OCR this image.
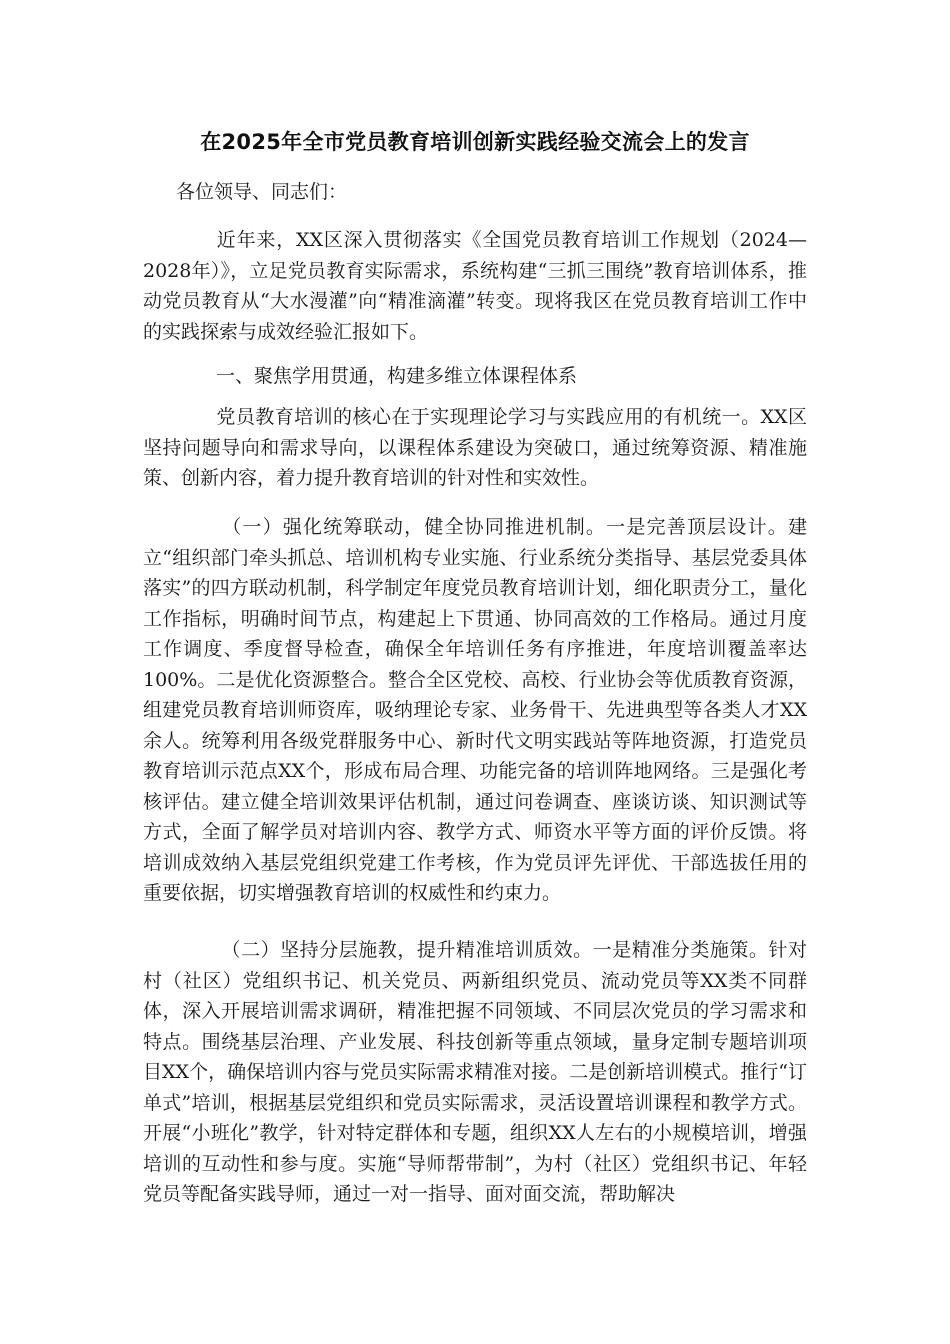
在2025年全市党员教育培训创新实践经验交流会上的发言
各位领导、同志们：

近年来，XX区深入贯彻落实《全国党员教育培训工作规划（2024—2028年）》，立足党员教育实际需求，系统构建“三抓三围绕”教育培训体系，推动党员教育从“大水漫灌”向“精准滴灌”转变。现将我区在党员教育培训工作中的实践探索与成效经验汇报如下。

一、聚焦学用贯通，构建多维立体课程体系

党员教育培训的核心在于实现理论学习与实践应用的有机统一。XX区坚持问题导向和需求导向，以课程体系建设为突破口，通过统筹资源、精准施策、创新内容，着力提升教育培训的针对性和实效性。

（一）强化统筹联动，健全协同推进机制。一是完善顶层设计。建立“组织部门牵头抓总、培训机构专业实施、行业系统分类指导、基层党委具体落实”的四方联动机制，科学制定年度党员教育培训计划，细化职责分工，量化工作指标，明确时间节点，构建起上下贯通、协同高效的工作格局。通过月度工作调度、季度督导检查，确保全年培训任务有序推进，年度培训覆盖率达100%。二是优化资源整合。整合全区党校、高校、行业协会等优质教育资源，组建党员教育培训师资库，吸纳理论专家、业务骨干、先进典型等各类人才XX余人。统筹利用各级党群服务中心、新时代文明实践站等阵地资源，打造党员教育培训示范点XX个，形成布局合理、功能完备的培训阵地网络。三是强化考核评估。建立健全培训效果评估机制，通过问卷调查、座谈访谈、知识测试等方式，全面了解学员对培训内容、教学方式、师资水平等方面的评价反馈。将培训成效纳入基层党组织党建工作考核，作为党员评先评优、干部选拔任用的重要依据，切实增强教育培训的权威性和约束力。

（二）坚持分层施教，提升精准培训质效。一是精准分类施策。针对村（社区）党组织书记、机关党员、两新组织党员、流动党员等XX类不同群体，深入开展培训需求调研，精准把握不同领域、不同层次党员的学习需求和特点。围绕基层治理、产业发展、科技创新等重点领域，量身定制专题培训项目XX个，确保培训内容与党员实际需求精准对接。二是创新培训模式。推行“订单式”培训，根据基层党组织和党员实际需求，灵活设置培训课程和教学方式。开展“小班化”教学，针对特定群体和专题，组织XX人左右的小规模培训，增强培训的互动性和参与度。实施“导师帮带制”，为村（社区）党组织书记、年轻党员等配备实践导师，通过一对一指导、面对面交流，帮助解决
